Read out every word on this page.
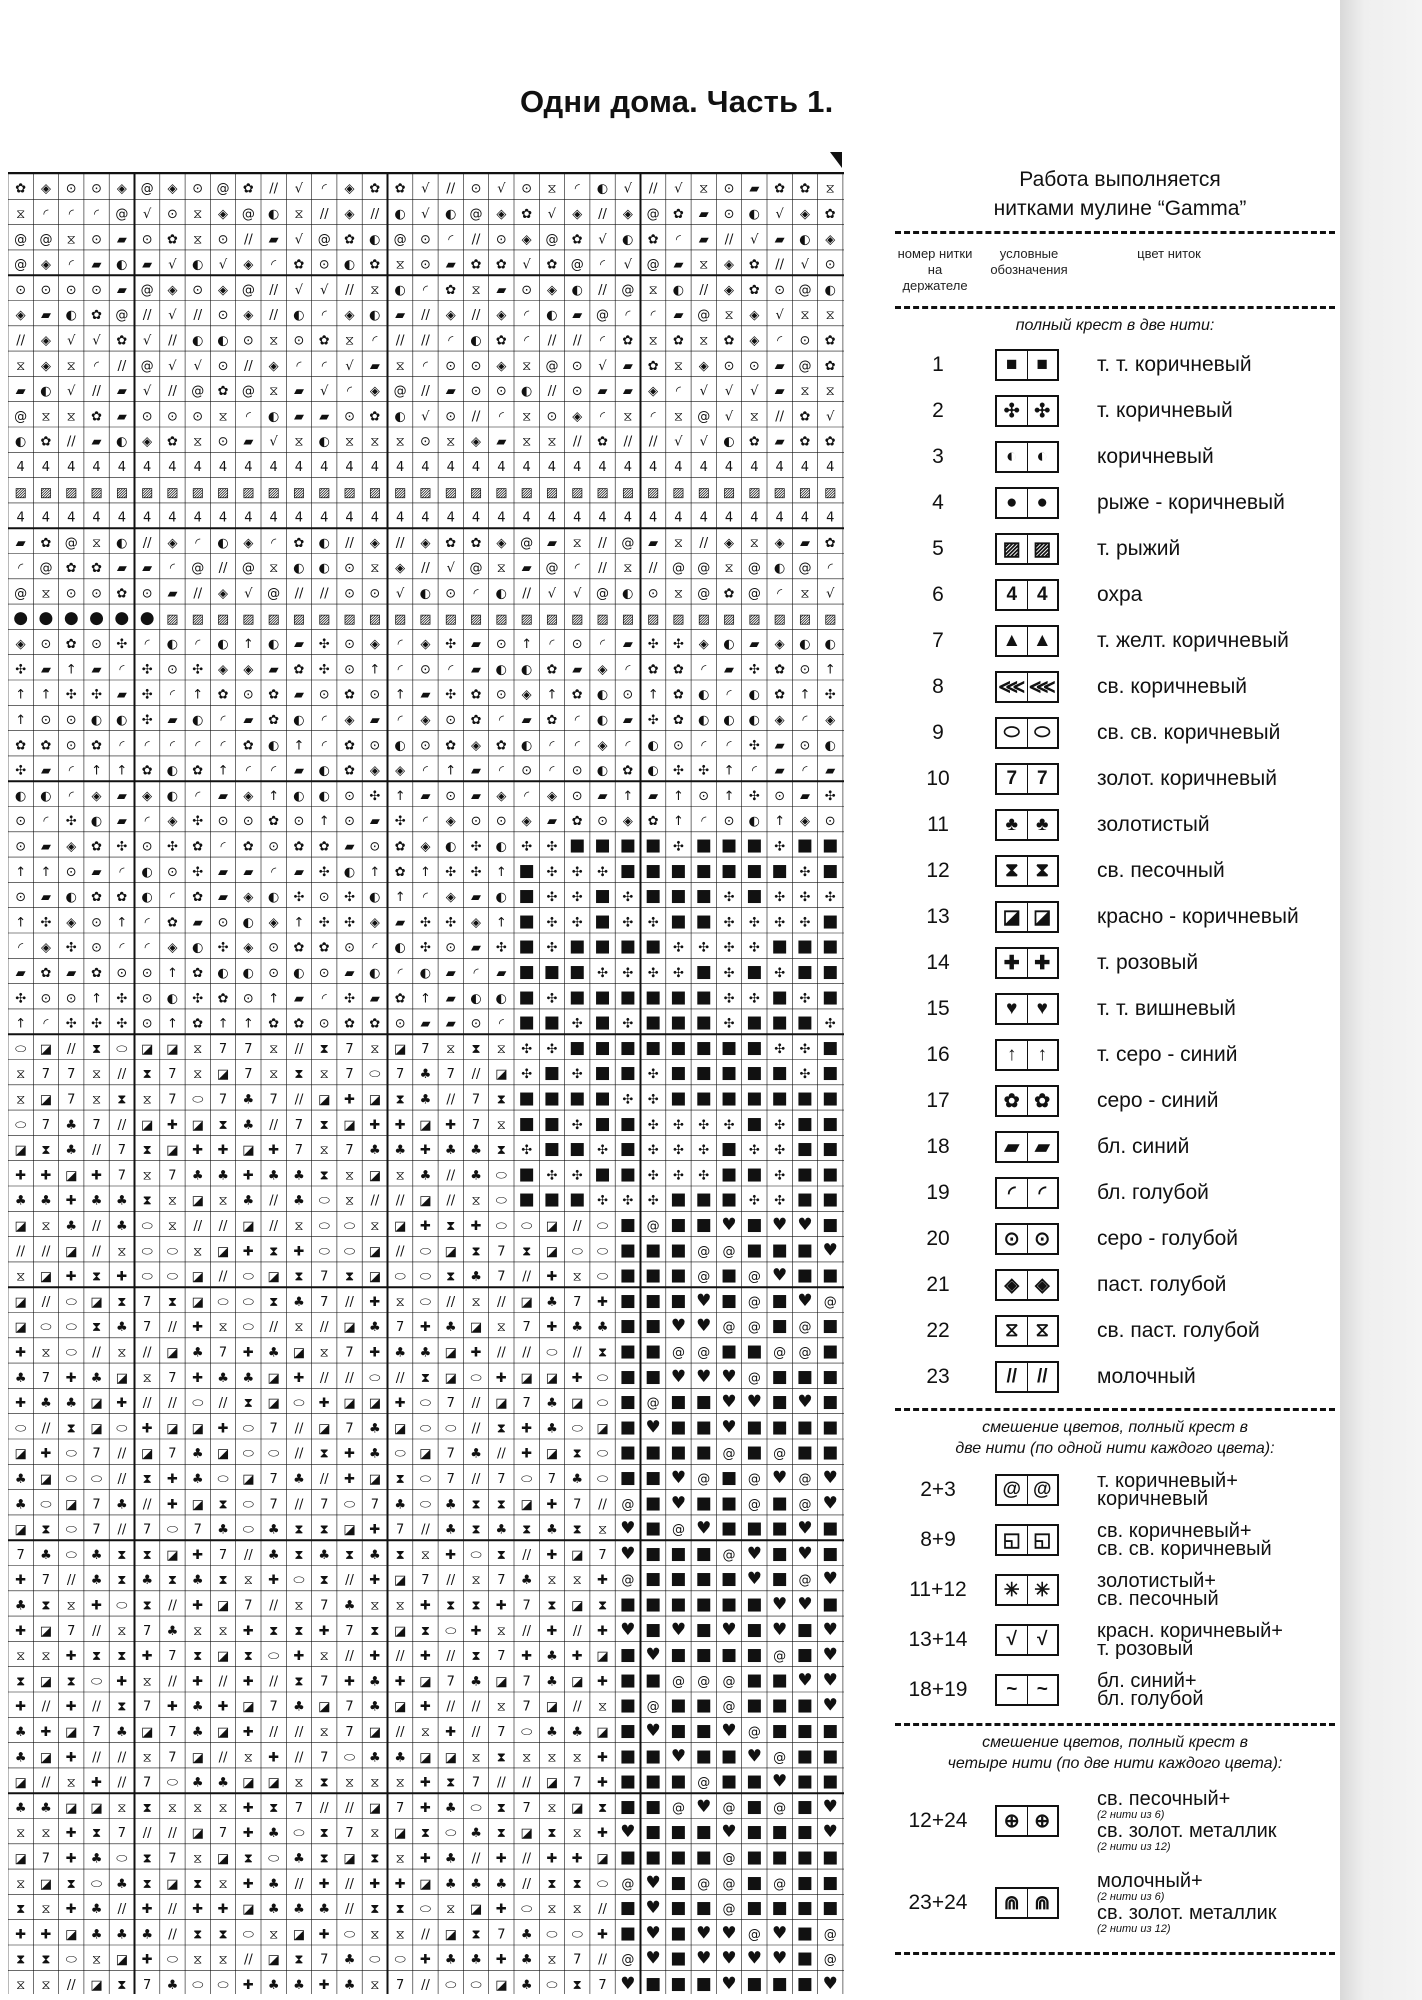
Одни дома. Часть 1.
✿ ◈ ⊙ ⊙ ◈ @ ◈ ⊙ @ ✿ // √ ◜ ◈ ✿ ✿ √ // ⊙ √ ⊙ ⧖ ◜ ◐ √ // √ ⧖ ⊙ ▰ ✿ ✿ ⧖
⧖ ◜ ◜ ◜ @ √ ⊙ ⧖ ◈ @ ◐ ⧖ // ◈ // ◐ √ ◐ @ ◈ ✿ √ ◈ // ◈ @ ✿ ▰ ⊙ ◐ √ ◈ ✿
@ @ ⧖ ⊙ ▰ ⊙ ✿ ⧖ ⊙ // ▰ √ @ ✿ ◐ @ ⊙ ◜ // ⊙ ◈ @ ✿ √ ◐ ✿ ◜ ▰ // √ ▰ ◐ ◈
@ ◈ ◜ ▰ ◐ ▰ √ ◐ √ ◈ ◜ ✿ ⊙ ◐ ✿ ⧖ ⊙ ▰ ✿ ✿ √ ✿ @ ◜ √ @ ▰ ⧖ ◈ ✿ // √ ⊙
⊙ ⊙ ⊙ ⊙ ▰ @ ◈ ⊙ ◈ @ // √ √ // ⧖ ◐ ◜ ✿ ⧖ ▰ ⊙ ◈ ◐ // @ ⧖ ◐ // ◈ ✿ ⊙ @ ◐
◈ ▰ ◐ ✿ @ // √ // ⊙ ◈ // ◐ ◜ ◈ ◐ ▰ // ◈ // ◈ ◜ ◐ ▰ @ ◜ ◜ ▰ @ ⧖ ◈ √ ⧖ ⧖
// ◈ √ √ ✿ √ // ◐ ◐ ⊙ ⧖ ⊙ ✿ ⧖ ◜ // // ◜ ◐ ✿ ◜ // // ◜ ✿ ⧖ ✿ ⧖ ✿ ◈ ◜ ⊙ ✿
⧖ ◈ ⧖ ◜ // @ √ √ ⊙ // ◈ ◜ ◜ √ ▰ ⧖ ◜ ⊙ ⊙ ◈ ⧖ @ ⊙ √ ▰ ✿ ⧖ ◈ ⊙ ⊙ ▰ @ ✿
▰ ◐ √ // ▰ √ // @ ✿ @ ⧖ ▰ √ ◜ ◈ @ // ▰ ⊙ ⊙ ◐ // ⊙ ▰ ▰ ◈ ◜ √ √ √ ▰ ⧖ ⧖
@ ⧖ ⧖ ✿ ▰ ⊙ ⊙ ⊙ ⧖ ◜ ◐ ▰ ▰ ⊙ ✿ ◐ √ ⊙ // ◜ ⧖ ⊙ ◈ ◜ ⧖ ◜ ⧖ @ √ ⧖ // ✿ √
◐ ✿ // ▰ ◐ ◈ ✿ ⧖ ⊙ ▰ √ ⧖ ◐ ⧖ ⧖ ⧖ ⊙ ⧖ ◈ ▰ ⧖ ⧖ // ✿ // // √ √ ◐ ✿ ▰ ✿ ✿
4 4 4 4 4 4 4 4 4 4 4 4 4 4 4 4 4 4 4 4 4 4 4 4 4 4 4 4 4 4 4 4 4
▨ ▨ ▨ ▨ ▨ ▨ ▨ ▨ ▨ ▨ ▨ ▨ ▨ ▨ ▨ ▨ ▨ ▨ ▨ ▨ ▨ ▨ ▨ ▨ ▨ ▨ ▨ ▨ ▨ ▨ ▨ ▨ ▨
4 4 4 4 4 4 4 4 4 4 4 4 4 4 4 4 4 4 4 4 4 4 4 4 4 4 4 4 4 4 4 4 4
▰ ✿ @ ⧖ ◐ // ◈ ◜ ◐ ◈ ◜ ✿ ◐ // ◈ // ◈ ✿ ✿ ◈ @ ▰ ⧖ // @ ▰ ⧖ // ◈ ⧖ ◈ ▰ ✿
◜ @ ✿ ✿ ▰ ▰ ◜ @ // @ ⧖ ◐ ◐ ⊙ ⧖ ◈ // √ @ ⧖ ▰ @ ◜ // ⧖ // @ @ ⧖ @ ◐ @ ◜
@ ⧖ ⊙ ⊙ ✿ ⊙ ▰ // ◈ √ @ // // ⊙ ⊙ √ ◐ ⊙ ◜ ◐ // √ √ @ ◐ ⊙ ⧖ @ ✿ @ ◜ ⧖ √
● ● ● ● ● ● ▨ ▨ ▨ ▨ ▨ ▨ ▨ ▨ ▨ ▨ ▨ ▨ ▨ ▨ ▨ ▨ ▨ ▨ ▨ ▨ ▨ ▨ ▨ ▨ ▨ ▨ ▨
◈ ⊙ ✿ ⊙ ✣ ◜ ◐ ◜ ◐ ↑ ◐ ▰ ✣ ⊙ ◈ ◜ ◈ ✣ ▰ ⊙ ↑ ◜ ⊙ ◜ ▰ ✣ ✣ ◈ ◐ ▰ ◈ ◐ ◐
✣ ▰ ↑ ▰ ◜ ✣ ⊙ ✣ ◈ ◈ ▰ ✿ ✣ ⊙ ↑ ◜ ⊙ ◜ ▰ ◐ ◐ ✿ ▰ ◈ ◜ ✿ ✿ ◜ ▰ ✣ ✿ ⊙ ↑
↑ ↑ ✣ ✣ ▰ ✣ ◜ ↑ ✿ ⊙ ✿ ▰ ⊙ ✿ ⊙ ↑ ▰ ✣ ✿ ⊙ ◈ ↑ ✿ ◐ ⊙ ↑ ✿ ◐ ◜ ◐ ✿ ↑ ✣
↑ ⊙ ⊙ ◐ ◐ ✣ ▰ ◐ ◜ ▰ ✿ ◐ ◜ ◈ ▰ ◜ ◈ ⊙ ✿ ◜ ▰ ✿ ◜ ◐ ▰ ✣ ✿ ◐ ◐ ◐ ◈ ◜ ◈
✿ ✿ ⊙ ✿ ◜ ◜ ◜ ◜ ◜ ✿ ◐ ↑ ◜ ✿ ⊙ ◐ ⊙ ✿ ◈ ✿ ◐ ◜ ◜ ◈ ◜ ◐ ⊙ ◜ ◜ ✣ ▰ ⊙ ◐
✣ ▰ ◜ ↑ ↑ ✿ ◐ ✿ ↑ ◜ ◜ ▰ ◐ ✿ ◈ ◈ ◜ ↑ ▰ ◜ ⊙ ◜ ⊙ ◐ ✿ ◐ ✣ ✣ ↑ ◜ ▰ ◜ ▰
◐ ◐ ◜ ◈ ▰ ◈ ◐ ◜ ▰ ◈ ↑ ◐ ◐ ⊙ ✣ ↑ ▰ ⊙ ▰ ◈ ◜ ◈ ⊙ ▰ ↑ ▰ ↑ ⊙ ↑ ✣ ⊙ ▰ ✣
⊙ ◜ ✣ ◐ ▰ ◜ ◈ ✣ ⊙ ⊙ ✿ ⊙ ↑ ⊙ ▰ ✣ ◜ ◈ ⊙ ⊙ ◈ ▰ ✿ ⊙ ◈ ✿ ↑ ◜ ⊙ ◐ ↑ ◈ ⊙
⊙ ▰ ◈ ✿ ✣ ⊙ ✣ ✿ ◜ ✿ ⊙ ✿ ✿ ▰ ⊙ ✿ ◈ ◐ ✣ ◐ ✣ ✣ ■ ■ ■ ■ ✣ ■ ■ ■ ✣ ■ ■
↑ ↑ ⊙ ▰ ◜ ◐ ⊙ ✣ ▰ ▰ ◜ ▰ ✣ ◐ ↑ ✿ ↑ ✣ ✣ ↑ ■ ✣ ✣ ✣ ■ ■ ■ ■ ■ ■ ■ ✣ ■
⊙ ▰ ◐ ✿ ✿ ◐ ◜ ✿ ▰ ◈ ◐ ✣ ⊙ ✣ ◐ ↑ ◜ ◈ ▰ ◐ ■ ✣ ✣ ■ ✣ ■ ■ ■ ✣ ■ ✣ ✣ ✣
↑ ✣ ◈ ⊙ ↑ ◜ ✿ ▰ ⊙ ◐ ◈ ↑ ✣ ✣ ◈ ▰ ✣ ✣ ◈ ↑ ■ ✣ ✣ ■ ✣ ✣ ■ ■ ✣ ✣ ✣ ✣ ■
◜ ◈ ✣ ⊙ ◜ ◜ ◈ ◐ ✣ ◈ ⊙ ✿ ✿ ⊙ ◜ ◐ ✣ ⊙ ▰ ✣ ■ ✣ ■ ■ ■ ■ ✣ ✣ ✣ ✣ ■ ■ ■
▰ ✿ ▰ ✿ ⊙ ⊙ ↑ ✿ ◐ ◐ ⊙ ◐ ⊙ ▰ ◐ ◜ ◐ ▰ ◜ ▰ ■ ■ ■ ✣ ✣ ✣ ✣ ■ ✣ ■ ✣ ■ ■
✣ ⊙ ⊙ ↑ ✣ ⊙ ◐ ✣ ✿ ⊙ ↑ ▰ ◜ ✣ ▰ ✿ ↑ ▰ ◐ ◐ ■ ✣ ■ ■ ■ ■ ■ ■ ✣ ✣ ■ ✣ ■
↑ ◜ ✣ ✣ ✣ ⊙ ↑ ✿ ↑ ↑ ✿ ✿ ⊙ ✿ ✿ ⊙ ▰ ▰ ⊙ ◜ ■ ■ ✣ ■ ✣ ■ ■ ■ ✣ ■ ■ ■ ✣
⬭ ◪ // ⧗ ⬭ ◪ ◪ ⧖ 7 7 ⧖ // ⧗ 7 ⧖ ◪ 7 ⧖ ⧗ ⧖ ✣ ✣ ■ ■ ■ ■ ■ ■ ■ ■ ✣ ✣ ■
⧖ 7 7 ⧖ // ⧗ 7 ⧖ ◪ 7 ⧖ ⧗ ⧖ 7 ⬭ 7 ♣ 7 // ◪ ✣ ■ ✣ ■ ■ ✣ ■ ■ ■ ■ ■ ✣ ■
⧖ ◪ 7 ⧖ ⧗ ⧖ 7 ⬭ 7 ♣ 7 // ◪ ✚ ◪ ⧗ ♣ // 7 ⧗ ■ ■ ■ ■ ✣ ✣ ■ ■ ■ ■ ■ ■ ■
⬭ 7 ♣ 7 // ◪ ✚ ◪ ⧗ ♣ // 7 ⧗ ◪ ✚ ✚ ◪ ✚ 7 ⧖ ■ ■ ✣ ■ ■ ✣ ✣ ✣ ✣ ■ ✣ ■ ■
◪ ⧗ ♣ // 7 ⧗ ◪ ✚ ✚ ◪ ✚ 7 ⧖ 7 ♣ ♣ ✚ ♣ ♣ ⧗ ✣ ■ ■ ✣ ■ ✣ ✣ ✣ ■ ✣ ✣ ■ ■
✚ ✚ ◪ ✚ 7 ⧖ 7 ♣ ♣ ✚ ♣ ♣ ⧗ ⧖ ◪ ⧖ ♣ // ♣ ⬭ ■ ✣ ✣ ■ ■ ✣ ✣ ✣ ■ ■ ✣ ■ ■
♣ ♣ ✚ ♣ ♣ ⧗ ⧖ ◪ ⧖ ♣ // ♣ ⬭ ⧖ // // ◪ // ⧖ ⬭ ■ ■ ■ ✣ ✣ ✣ ■ ■ ■ ✣ ✣ ■ ■
◪ ⧖ ♣ // ♣ ⬭ ⧖ // // ◪ // ⧖ ⬭ ⬭ ⧖ ◪ ✚ ⧗ ✚ ⬭ ⬭ ◪ // ⬭ ■ @ ■ ■ ♥ ■ ♥ ♥ ■
// // ◪ // ⧖ ⬭ ⬭ ⧖ ◪ ✚ ⧗ ✚ ⬭ ⬭ ◪ // ⬭ ◪ ⧗ 7 ⧗ ◪ ⬭ ⬭ ■ ■ ■ @ @ ■ ■ ■ ♥
⧖ ◪ ✚ ⧗ ✚ ⬭ ⬭ ◪ // ⬭ ◪ ⧗ 7 ⧗ ◪ ⬭ ⬭ ⧗ ♣ 7 // ✚ ⧖ ⬭ ■ ■ ■ @ ■ @ ♥ ■ ■
◪ // ⬭ ◪ ⧗ 7 ⧗ ◪ ⬭ ⬭ ⧗ ♣ 7 // ✚ ⧖ ⬭ // ⧖ // ◪ ♣ 7 ✚ ■ ■ ■ ♥ ■ @ ■ ♥ @
◪ ⬭ ⬭ ⧗ ♣ 7 // ✚ ⧖ ⬭ // ⧖ // ◪ ♣ 7 ✚ ♣ ◪ ⧖ 7 ✚ ♣ ♣ ■ ■ ♥ ♥ @ @ ■ @ ■
✚ ⧖ ⬭ // ⧖ // ◪ ♣ 7 ✚ ♣ ◪ ⧖ 7 ✚ ♣ ♣ ◪ ✚ // // ⬭ // ⧗ ■ ■ @ @ ■ ■ @ @ ■
♣ 7 ✚ ♣ ◪ ⧖ 7 ✚ ♣ ♣ ◪ ✚ // // ⬭ // ⧗ ◪ ⬭ ✚ ◪ ◪ ✚ ⬭ ■ ■ ♥ ♥ ♥ @ ■ ■ ■
✚ ♣ ♣ ◪ ✚ // // ⬭ // ⧗ ◪ ⬭ ✚ ◪ ◪ ✚ ⬭ 7 // ◪ 7 ♣ ◪ ⬭ ■ @ ■ ■ ♥ ♥ ■ ♥ ■
⬭ // ⧗ ◪ ⬭ ✚ ◪ ◪ ✚ ⬭ 7 // ◪ 7 ♣ ◪ ⬭ ⬭ // ⧗ ✚ ♣ ⬭ ◪ ■ ♥ ■ ■ ♥ ■ ■ ■ ■
◪ ✚ ⬭ 7 // ◪ 7 ♣ ◪ ⬭ ⬭ // ⧗ ✚ ♣ ⬭ ◪ 7 ♣ // ✚ ◪ ⧗ ⬭ ■ ■ ■ ■ @ ■ @ ■ ■
♣ ◪ ⬭ ⬭ // ⧗ ✚ ♣ ⬭ ◪ 7 ♣ // ✚ ◪ ⧗ ⬭ 7 // 7 ⬭ 7 ♣ ⬭ ■ ■ ♥ @ ■ @ ♥ @ ♥
♣ ⬭ ◪ 7 ♣ // ✚ ◪ ⧗ ⬭ 7 // 7 ⬭ 7 ♣ ⬭ ♣ ⧗ ⧗ ◪ ✚ 7 // @ ■ ♥ ■ ■ @ ■ @ ♥
◪ ⧗ ⬭ 7 // 7 ⬭ 7 ♣ ⬭ ♣ ⧗ ⧗ ◪ ✚ 7 // ♣ ⧗ ♣ ⧗ ♣ ⧗ ⧖ ♥ ■ @ ♥ ■ ■ ■ ♥ ■
7 ♣ ⬭ ♣ ⧗ ⧗ ◪ ✚ 7 // ♣ ⧗ ♣ ⧗ ♣ ⧗ ⧖ ✚ ⬭ ⧗ // ✚ ◪ 7 ♥ ■ ■ ■ @ ♥ ■ ♥ ■
✚ 7 // ♣ ⧗ ♣ ⧗ ♣ ⧗ ⧖ ✚ ⬭ ⧗ // ✚ ◪ 7 // ⧖ 7 ♣ ⧖ ⧖ ✚ @ ■ ■ ■ ■ ♥ ■ @ ♥
♣ ⧗ ⧖ ✚ ⬭ ⧗ // ✚ ◪ 7 // ⧖ 7 ♣ ⧖ ⧖ ✚ ⧗ ⧗ ✚ 7 ⧗ ◪ ⧗ ■ ■ ■ ■ ■ ■ ♥ ♥ ■
✚ ◪ 7 // ⧖ 7 ♣ ⧖ ⧖ ✚ ⧗ ⧗ ✚ 7 ⧗ ◪ ⧗ ⬭ ✚ ⧖ // ✚ // ✚ ♥ ■ ♥ ■ ♥ ■ ♥ ■ ♥
⧖ ⧖ ✚ ⧗ ⧗ ✚ 7 ⧗ ◪ ⧗ ⬭ ✚ ⧖ // ✚ // ✚ // ⧗ 7 ✚ ♣ ✚ ◪ ■ ♥ ■ ■ ■ ■ @ ■ ♥
⧗ ◪ ⧗ ⬭ ✚ ⧖ // ✚ // ✚ // ⧗ 7 ✚ ♣ ✚ ◪ 7 ♣ ◪ 7 ♣ ◪ ✚ ■ ■ @ @ @ ■ ■ ♥ ♥
✚ // ✚ // ⧗ 7 ✚ ♣ ✚ ◪ 7 ♣ ◪ 7 ♣ ◪ ✚ // // ⧖ 7 ◪ // ⧖ ■ @ ■ ■ @ ■ ■ ■ ♥
♣ ✚ ◪ 7 ♣ ◪ 7 ♣ ◪ ✚ // // ⧖ 7 ◪ // ⧖ ✚ // 7 ⬭ ♣ ♣ ◪ ■ ♥ ■ ■ ♥ @ ■ ■ ■
♣ ◪ ✚ // // ⧖ 7 ◪ // ⧖ ✚ // 7 ⬭ ♣ ♣ ◪ ◪ ⧖ ⧗ ⧖ ⧖ ⧖ ✚ ■ ■ ♥ ■ ■ ♥ @ ■ ■
◪ // ⧖ ✚ // 7 ⬭ ♣ ♣ ◪ ◪ ⧖ ⧗ ⧖ ⧖ ⧖ ✚ ⧗ 7 // // ◪ 7 ✚ ■ ■ ■ @ ■ ■ ♥ ■ ■
♣ ♣ ◪ ◪ ⧖ ⧗ ⧖ ⧖ ⧖ ✚ ⧗ 7 // // ◪ 7 ✚ ♣ ⬭ ⧗ 7 ⧖ ◪ ⧗ ■ ■ @ ♥ @ ■ @ ■ ♥
⧖ ⧖ ✚ ⧗ 7 // // ◪ 7 ✚ ♣ ⬭ ⧗ 7 ⧖ ◪ ⧗ ⬭ ♣ ⧗ ◪ ⧗ ⧖ ✚ ♥ ■ ■ ■ ♥ ■ ■ ■ ♥
◪ 7 ✚ ♣ ⬭ ⧗ 7 ⧖ ◪ ⧗ ⬭ ♣ ⧗ ◪ ⧗ ⧖ ✚ ♣ // ✚ // ✚ ✚ ◪ ■ ■ ■ ■ @ ■ ■ ■ ■
⧖ ◪ ⧗ ⬭ ♣ ⧗ ◪ ⧗ ⧖ ✚ ♣ // ✚ // ✚ ✚ ◪ ♣ ♣ ♣ // ⧗ ⧗ ⬭ @ ♥ ■ @ @ ■ @ ■ ■
⧗ ⧖ ✚ ♣ // ✚ // ✚ ✚ ◪ ♣ ♣ ♣ // ⧗ ⧗ ⬭ ⧖ ◪ ✚ ⬭ ⧖ ⧖ // ■ ♥ ■ ■ @ ■ ■ ■ ■
✚ ✚ ◪ ♣ ♣ ♣ // ⧗ ⧗ ⬭ ⧖ ◪ ✚ ⬭ ⧖ ⧖ // ◪ ⧗ 7 ♣ ⬭ ⬭ ✚ ■ ♥ ■ ♥ ♥ @ ♥ ■ @
⧗ ⧗ ⬭ ⧖ ◪ ✚ ⬭ ⧖ ⧖ // ◪ ⧗ 7 ♣ ⬭ ⬭ ✚ ♣ ♣ ✚ ♣ ⧖ 7 // @ ♥ ■ ♥ ♥ ♥ ♥ ■ @
⧖ ⧖ // ◪ ⧗ 7 ♣ ⬭ ⬭ ✚ ♣ ♣ ✚ ♣ ⧖ 7 // ⬭ ⬭ ◪ ♣ ⬭ ⧗ 7 ♥ ■ ■ ■ ♥ ■ ■ ■ ♥
Работа выполняется
нитками мулине “Gamma”
номер нитки на держателе
условные обозначения
цвет ниток
полный крест в две нити:
1	■	■	т. т. коричневый
2	✣ ✣	т. коричневый
3	◐	◐	коричневый
4	●	●	рыже - коричневый
5	▨ ▨ т. рыжий
6	4	4	охра
7	▲ ▲ т. желт. коричневый
8	⋘ ⋘ св. коричневый
9	⬭ ⬭	св. св. коричневый
10	7	7	золот. коричневый
11	♣ ♣	золотистый
12	⧗ ⧗	св. песочный
13	◪ ◪ красно - коричневый
14	✚ ✚	т. розовый
15	♥	♥	т. т. вишневый
16	↑	↑	т. серо - синий
17	✿ ✿	серо - синий
18	▰ ▰	бл. синий
19	◜	◜	бл. голубой
20	⊙ ⊙	серо - голубой
21	◈ ◈	паст. голубой
22	⧖ ⧖	св. паст. голубой
23	//	//	молочный
смешение цветов, полный крест в
две нити (по одной нити каждого цвета):
2+3	@ @ т. коричневый+
коричневый
8+9	◱ ◱ св. коричневый+
св. св. коричневый
11+12	✳ ✳	золотистый+
св. песочный
13+14	√	√	красн. коричневый+
т. розовый
18+19	~	~	бл. синий+
бл. голубой
смешение цветов, полный крест в
четыре нити (по две нити каждого цвета):
12+24	⊕ ⊕
св. песочный+
(2 нити из 6)
св. золот. металлик
(2 нити из 12)
23+24	⋒ ⋒
молочный+
(2 нити из 6)
св. золот. металлик
(2 нити из 12)
